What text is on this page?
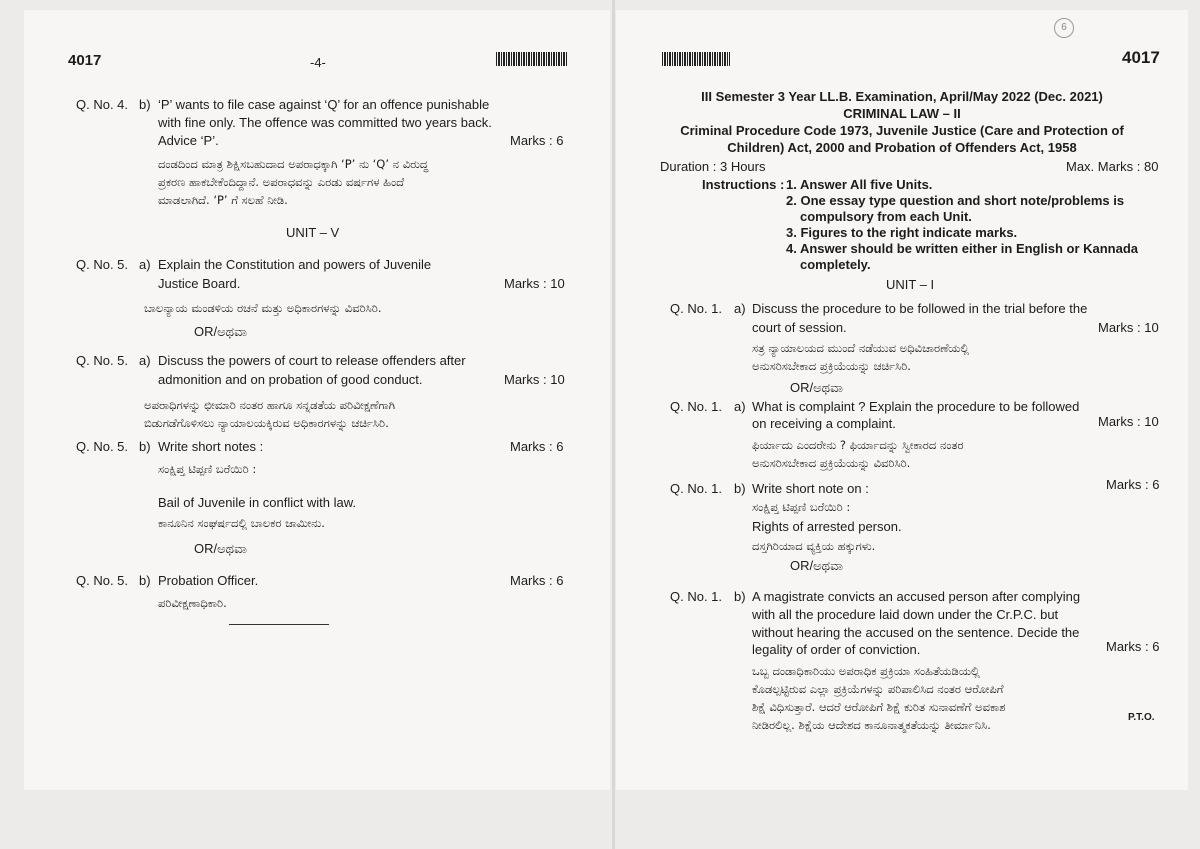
4017	-4-
Q. No. 4. b) ‘P’ wants to file case against ‘Q’ for an offence punishable
with fine only. The offence was committed two years back.
Advice ‘P’.	Marks : 6
ದಂಡದಿಂದ ಮಾತ್ರ ಶಿಕ್ಷಿಸಬಹುದಾದ ಅಪರಾಧಕ್ಕಾಗಿ ‘P’ ನು ‘Q’ ನ ವಿರುದ್ಧ
ಪ್ರಕರಣ ಹಾಕಬೇಕೆಂದಿದ್ದಾನೆ. ಅಪರಾಧವನ್ನು ಎರಡು ವರ್ಷಗಳ ಹಿಂದೆ
ಮಾಡಲಾಗಿದೆ. ‘P’ ಗೆ ಸಲಹೆ ನೀಡಿ.
UNIT – V
Q. No. 5. a) Explain the Constitution and powers of Juvenile
Justice Board.	Marks : 10
ಬಾಲನ್ಯಾಯ ಮಂಡಳಿಯ ರಚನೆ ಮತ್ತು ಅಧಿಕಾರಗಳನ್ನು ವಿವರಿಸಿರಿ.
OR/ಅಥವಾ
Q. No. 5. a) Discuss the powers of court to release offenders after
admonition and on probation of good conduct.	Marks : 10
ಅಪರಾಧಿಗಳನ್ನು ಛೀಮಾರಿ ನಂತರ ಹಾಗೂ ಸನ್ನಡತೆಯ ಪರಿವೀಕ್ಷಣೆಗಾಗಿ
ಬಿಡುಗಡೆಗೊಳಿಸಲು ನ್ಯಾಯಾಲಯಕ್ಕಿರುವ ಅಧಿಕಾರಗಳನ್ನು ಚರ್ಚಿಸಿರಿ.
Q. No. 5. b) Write short notes :	Marks : 6
ಸಂಕ್ಷಿಪ್ತ ಟಿಪ್ಪಣಿ ಬರೆಯಿರಿ :
Bail of Juvenile in conflict with law.
ಕಾನೂನಿನ ಸಂಘರ್ಷದಲ್ಲಿ ಬಾಲಕರ ಜಾಮೀನು.
OR/ಅಥವಾ
Q. No. 5. b) Probation Officer.	Marks : 6
ಪರಿವೀಕ್ಷಣಾಧಿಕಾರಿ.
6
4017
III Semester 3 Year LL.B. Examination, April/May 2022 (Dec. 2021)
CRIMINAL LAW – II
Criminal Procedure Code 1973, Juvenile Justice (Care and Protection of
Children) Act, 2000 and Probation of Offenders Act, 1958
Duration : 3 Hours	Max. Marks : 80
Instructions : 1. Answer All five Units.
2. One essay type question and short note/problems is
compulsory from each Unit.
3. Figures to the right indicate marks.
4. Answer should be written either in English or Kannada
completely.
UNIT – I
Q. No. 1. a) Discuss the procedure to be followed in the trial before the
court of session.	Marks : 10
ಸತ್ರ ನ್ಯಾಯಾಲಯದ ಮುಂದೆ ನಡೆಯುವ ಅಧಿವಿಚಾರಣೆಯಲ್ಲಿ
ಅನುಸರಿಸಬೇಕಾದ ಪ್ರಕ್ರಿಯೆಯನ್ನು ಚರ್ಚಿಸಿರಿ.
OR/ಅಥವಾ
Q. No. 1. a) What is complaint ? Explain the procedure to be followed
on receiving a complaint.	Marks : 10
ಫಿರ್ಯಾದು ಎಂದರೇನು ? ಫಿರ್ಯಾದನ್ನು ಸ್ವೀಕಾರದ ನಂತರ
ಅನುಸರಿಸಬೇಕಾದ ಪ್ರಕ್ರಿಯೆಯನ್ನು ವಿವರಿಸಿರಿ.
Q. No. 1. b) Write short note on :	Marks : 6
ಸಂಕ್ಷಿಪ್ತ ಟಿಪ್ಪಣಿ ಬರೆಯಿರಿ :
Rights of arrested person.
ದಸ್ತಗಿರಿಯಾದ ವ್ಯಕ್ತಿಯ ಹಕ್ಕುಗಳು.
OR/ಅಥವಾ
Q. No. 1. b) A magistrate convicts an accused person after complying
with all the procedure laid down under the Cr.P.C. but
without hearing the accused on the sentence. Decide the
legality of order of conviction.	Marks : 6
ಒಬ್ಬ ದಂಡಾಧಿಕಾರಿಯು ಅಪರಾಧಿಕ ಪ್ರಕ್ರಿಯಾ ಸಂಹಿತೆಯಡಿಯಲ್ಲಿ
ಕೊಡಲ್ಪಟ್ಟಿರುವ ಎಲ್ಲಾ ಪ್ರಕ್ರಿಯೆಗಳನ್ನು ಪರಿಪಾಲಿಸಿದ ನಂತರ ಆರೋಪಿಗೆ
ಶಿಕ್ಷೆ ವಿಧಿಸುತ್ತಾರೆ. ಆದರೆ ಆರೋಪಿಗೆ ಶಿಕ್ಷೆ ಕುರಿತ ಸುನಾವಣೆಗೆ ಅವಕಾಶ
ನೀಡಿರಲಿಲ್ಲ. ಶಿಕ್ಷೆಯ ಆದೇಶದ ಕಾನೂನಾತ್ಮಕತೆಯನ್ನು ತೀರ್ಮಾನಿಸಿ.
P.T.O.
